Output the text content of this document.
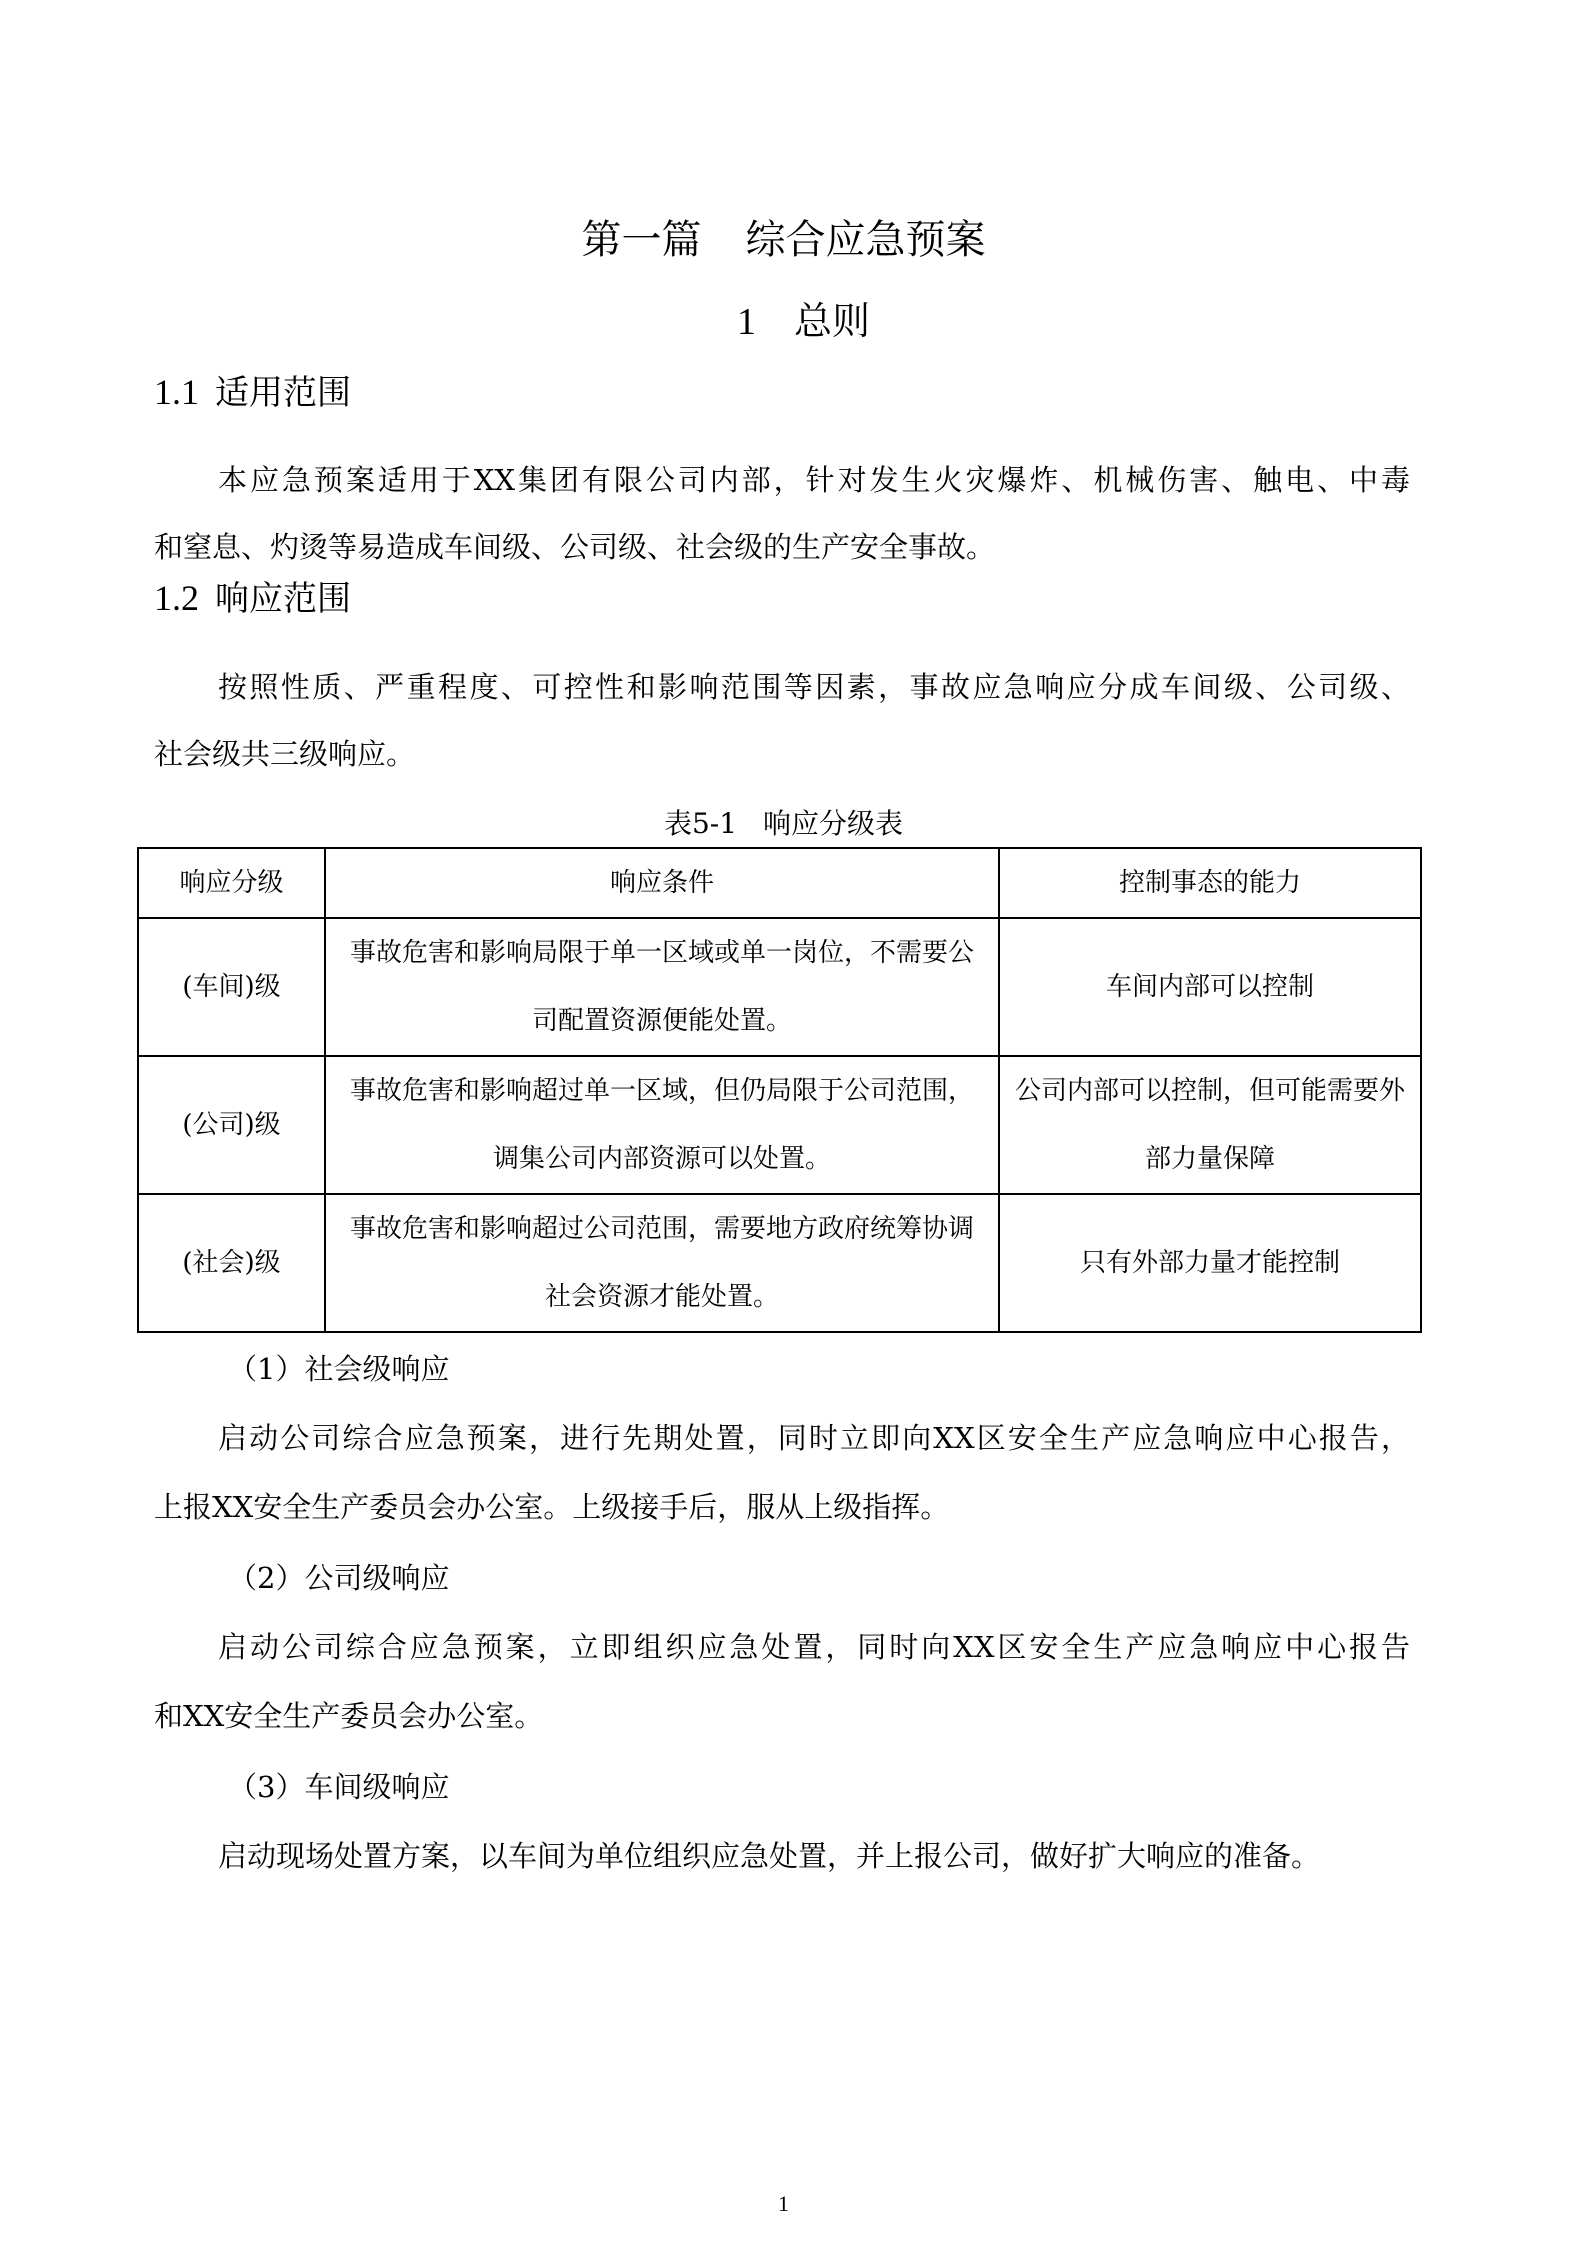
第一篇 综合应急预案
1 总则
1.1 适用范围
本应急预案适用于XX集团有限公司内部，针对发生火灾爆炸、机械伤害、触电、中毒
和窒息、灼烫等易造成车间级、公司级、社会级的生产安全事故。
1.2 响应范围
按照性质、严重程度、可控性和影响范围等因素，事故应急响应分成车间级、公司级、
社会级共三级响应。
表5-1 响应分级表
响应分级	响应条件	控制事态的能力
(车间)级	事故危害和影响局限于单一区域或单一岗位，不需要公司配置资源便能处置。	车间内部可以控制
(公司)级	事故危害和影响超过单一区域，但仍局限于公司范围，调集公司内部资源可以处置。	公司内部可以控制，但可能需要外部力量保障
(社会)级	事故危害和影响超过公司范围，需要地方政府统筹协调社会资源才能处置。	只有外部力量才能控制
（1）社会级响应
启动公司综合应急预案，进行先期处置，同时立即向XX区安全生产应急响应中心报告，
上报XX安全生产委员会办公室。上级接手后，服从上级指挥。
（2）公司级响应
启动公司综合应急预案，立即组织应急处置，同时向XX区安全生产应急响应中心报告
和XX安全生产委员会办公室。
（3）车间级响应
启动现场处置方案，以车间为单位组织应急处置，并上报公司，做好扩大响应的准备。
1
